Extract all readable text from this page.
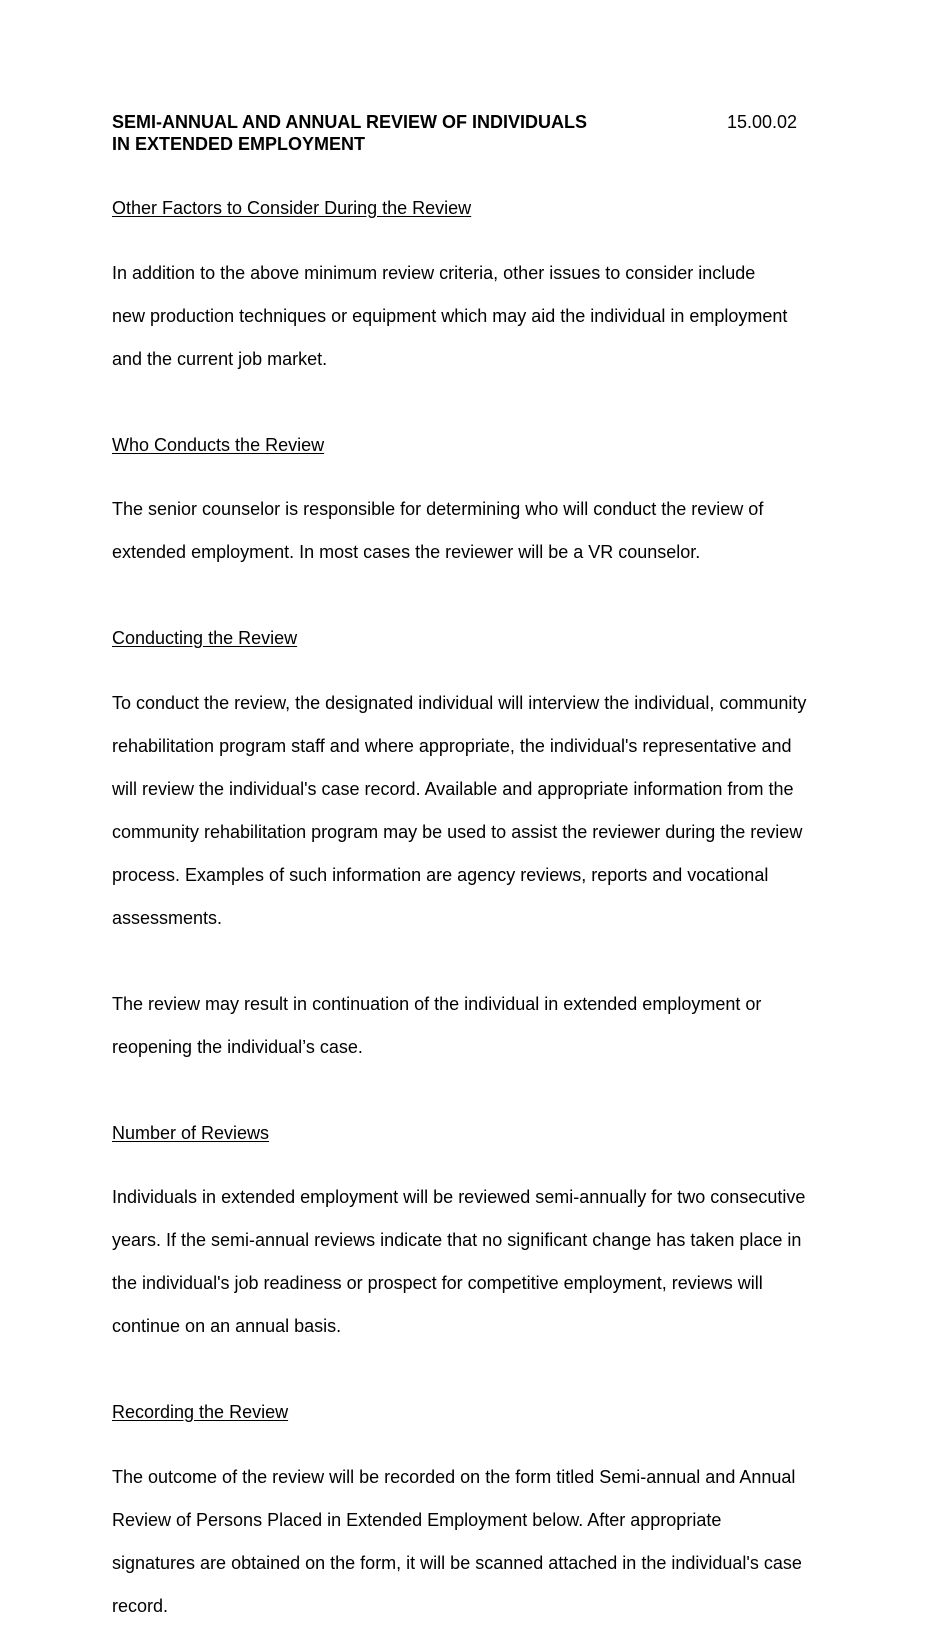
SEMI-ANNUAL AND ANNUAL REVIEW OF INDIVIDUALS
IN EXTENDED EMPLOYMENT
15.00.02
Other Factors to Consider During the Review

In addition to the above minimum review criteria, other issues to consider include

new production techniques or equipment which may aid the individual in employment

and the current job market.

Who Conducts the Review

The senior counselor is responsible for determining who will conduct the review of

extended employment. In most cases the reviewer will be a VR counselor.

Conducting the Review

To conduct the review, the designated individual will interview the individual, community

rehabilitation program staff and where appropriate, the individual's representative and

will review the individual's case record. Available and appropriate information from the

community rehabilitation program may be used to assist the reviewer during the review

process. Examples of such information are agency reviews, reports and vocational

assessments.

The review may result in continuation of the individual in extended employment or

reopening the individual’s case.

Number of Reviews

Individuals in extended employment will be reviewed semi-annually for two consecutive

years. If the semi-annual reviews indicate that no significant change has taken place in

the individual's job readiness or prospect for competitive employment, reviews will

continue on an annual basis.

Recording the Review

The outcome of the review will be recorded on the form titled Semi-annual and Annual

Review of Persons Placed in Extended Employment below. After appropriate

signatures are obtained on the form, it will be scanned attached in the individual's case

record.
